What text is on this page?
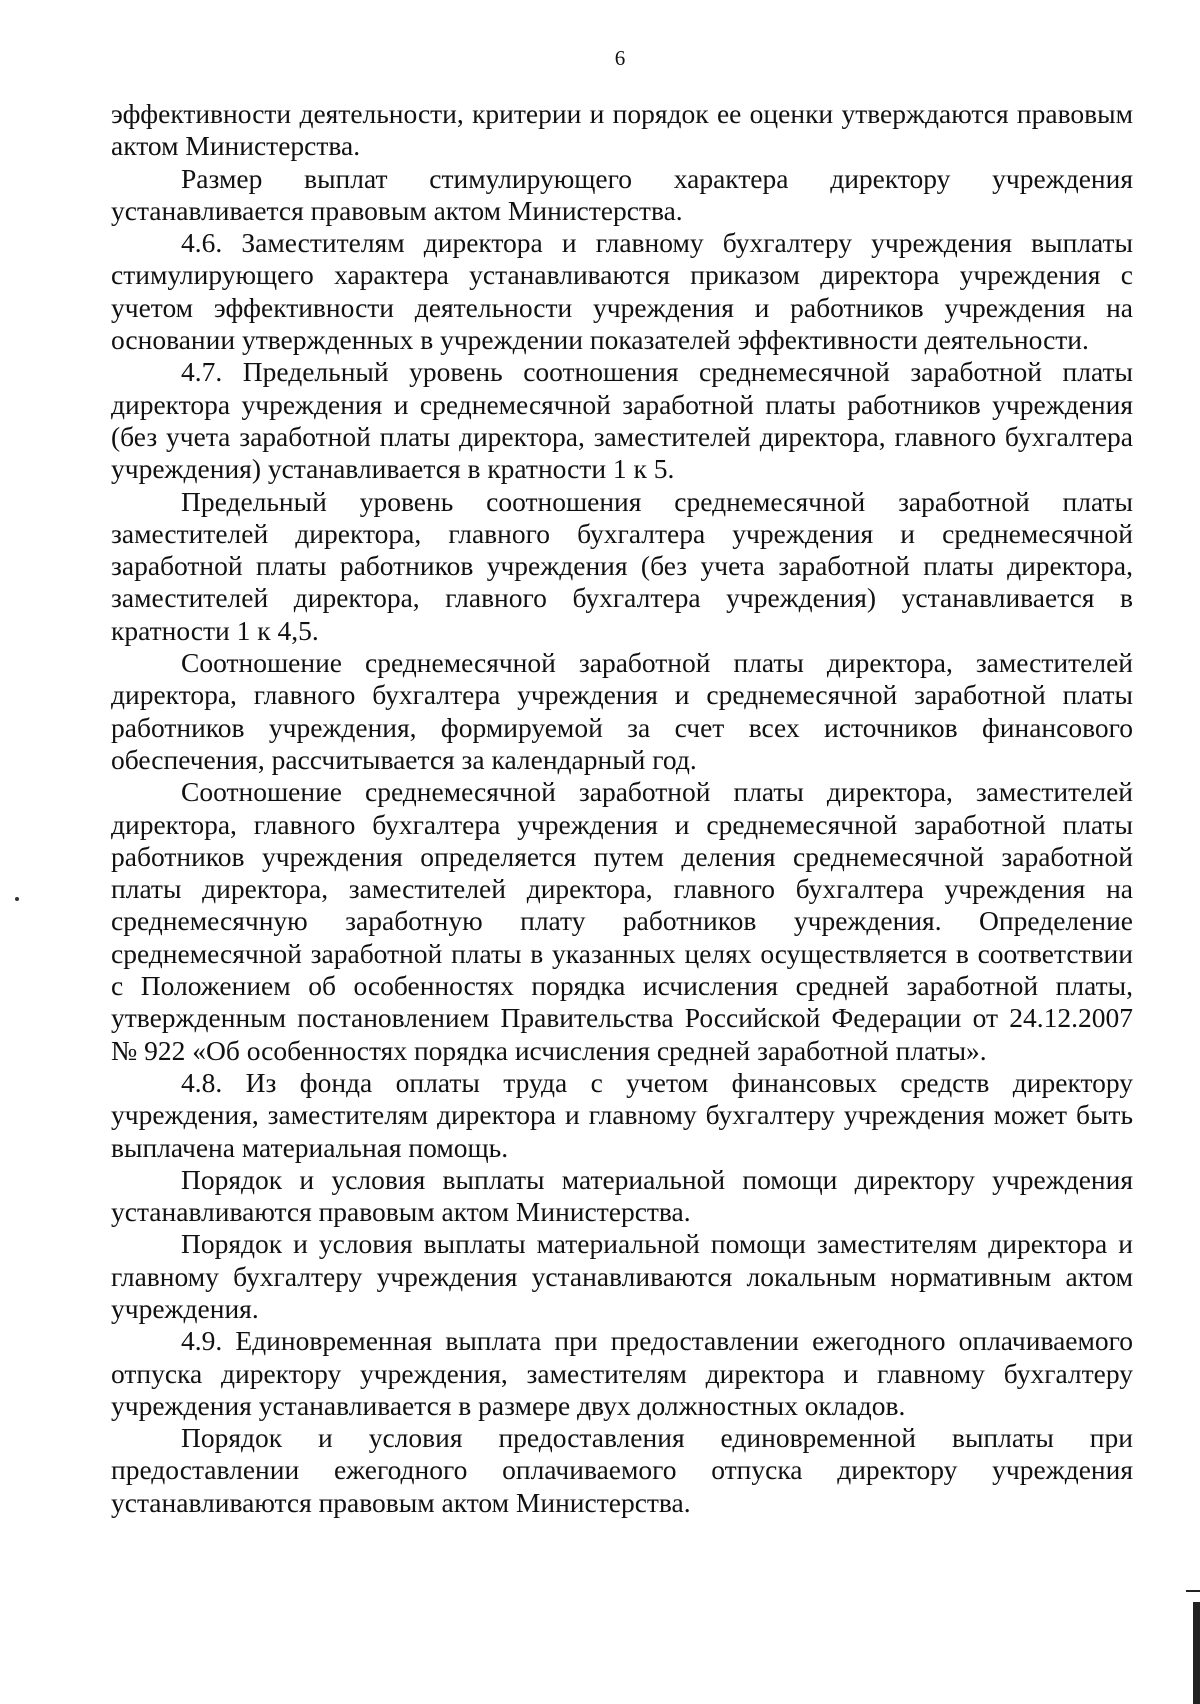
6

эффективности деятельности, критерии и порядок ее оценки утверждаются правовым актом Министерства.

Размер выплат стимулирующего характера директору учреждения устанавливается правовым актом Министерства.

4.6. Заместителям директора и главному бухгалтеру учреждения выплаты стимулирующего характера устанавливаются приказом директора учреждения с учетом эффективности деятельности учреждения и работников учреждения на основании утвержденных в учреждении показателей эффективности деятельности.

4.7. Предельный уровень соотношения среднемесячной заработной платы директора учреждения и среднемесячной заработной платы работников учреждения (без учета заработной платы директора, заместителей директора, главного бухгалтера учреждения) устанавливается в кратности 1 к 5.

Предельный уровень соотношения среднемесячной заработной платы заместителей директора, главного бухгалтера учреждения и среднемесячной заработной платы работников учреждения (без учета заработной платы директора, заместителей директора, главного бухгалтера учреждения) устанавливается в кратности 1 к 4,5.

Соотношение среднемесячной заработной платы директора, заместителей директора, главного бухгалтера учреждения и среднемесячной заработной платы работников учреждения, формируемой за счет всех источников финансового обеспечения, рассчитывается за календарный год.

Соотношение среднемесячной заработной платы директора, заместителей директора, главного бухгалтера учреждения и среднемесячной заработной платы работников учреждения определяется путем деления среднемесячной заработной платы директора, заместителей директора, главного бухгалтера учреждения на среднемесячную заработную плату работников учреждения. Определение среднемесячной заработной платы в указанных целях осуществляется в соответствии с Положением об особенностях порядка исчисления средней заработной платы, утвержденным постановлением Правительства Российской Федерации от 24.12.2007 № 922 «Об особенностях порядка исчисления средней заработной платы».

4.8. Из фонда оплаты труда с учетом финансовых средств директору учреждения, заместителям директора и главному бухгалтеру учреждения может быть выплачена материальная помощь.

Порядок и условия выплаты материальной помощи директору учреждения устанавливаются правовым актом Министерства.

Порядок и условия выплаты материальной помощи заместителям директора и главному бухгалтеру учреждения устанавливаются локальным нормативным актом учреждения.

4.9. Единовременная выплата при предоставлении ежегодного оплачиваемого отпуска директору учреждения, заместителям директора и главному бухгалтеру учреждения устанавливается в размере двух должностных окладов.

Порядок и условия предоставления единовременной выплаты при предоставлении ежегодного оплачиваемого отпуска директору учреждения устанавливаются правовым актом Министерства.
